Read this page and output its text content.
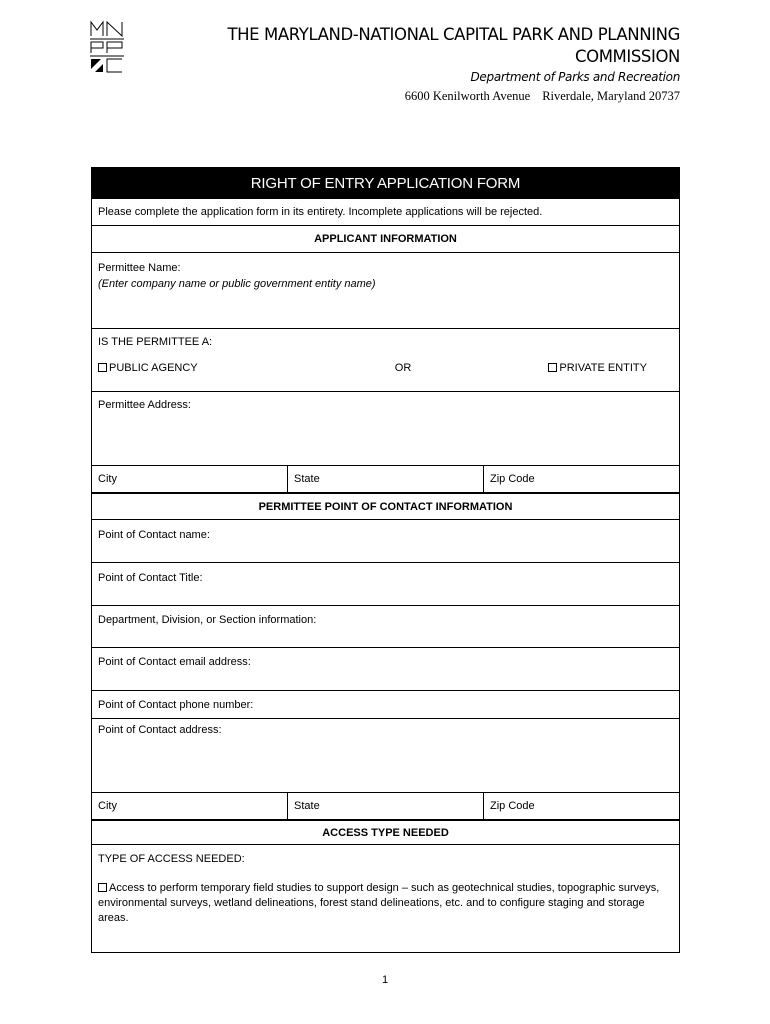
THE MARYLAND-NATIONAL CAPITAL PARK AND PLANNING COMMISSION
Department of Parks and Recreation
6600 Kenilworth Avenue Riverdale, Maryland 20737
RIGHT OF ENTRY APPLICATION FORM
Please complete the application form in its entirety. Incomplete applications will be rejected.
APPLICANT INFORMATION
Permittee Name:
(Enter company name or public government entity name)
IS THE PERMITTEE A:
PUBLIC AGENCY	OR	PRIVATE ENTITY
Permittee Address:
City	State	Zip Code
PERMITTEE POINT OF CONTACT INFORMATION
Point of Contact name:
Point of Contact Title:
Department, Division, or Section information:
Point of Contact email address:
Point of Contact phone number:
Point of Contact address:
City	State	Zip Code
ACCESS TYPE NEEDED
TYPE OF ACCESS NEEDED:
Access to perform temporary field studies to support design – such as geotechnical studies, topographic surveys, environmental surveys, wetland delineations, forest stand delineations, etc. and to configure staging and storage areas.
1
